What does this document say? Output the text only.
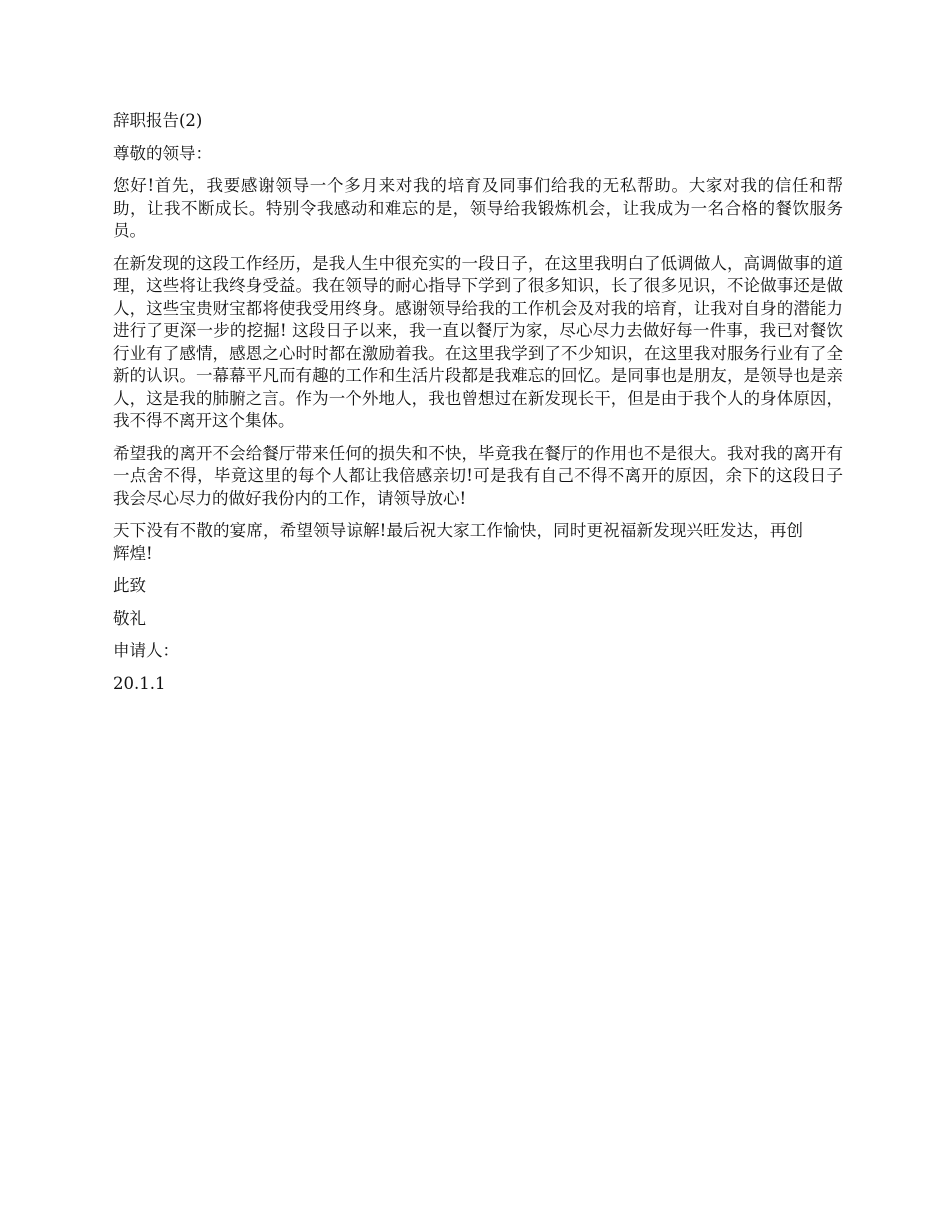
辞职报告(2)

尊敬的领导：

您好!首先，我要感谢领导一个多月来对我的培育及同事们给我的无私帮助。大家对我的信任和帮助，让我不断成长。特别令我感动和难忘的是，领导给我锻炼机会，让我成为一名合格的餐饮服务员。

在新发现的这段工作经历，是我人生中很充实的一段日子，在这里我明白了低调做人，高调做事的道理，这些将让我终身受益。我在领导的耐心指导下学到了很多知识，长了很多见识，不论做事还是做人，这些宝贵财宝都将使我受用终身。感谢领导给我的工作机会及对我的培育，让我对自身的潜能力进行了更深一步的挖掘! 这段日子以来，我一直以餐厅为家，尽心尽力去做好每一件事，我已对餐饮行业有了感情，感恩之心时时都在激励着我。在这里我学到了不少知识，在这里我对服务行业有了全新的认识。一幕幕平凡而有趣的工作和生活片段都是我难忘的回忆。是同事也是朋友，是领导也是亲人，这是我的肺腑之言。作为一个外地人，我也曾想过在新发现长干，但是由于我个人的身体原因，我不得不离开这个集体。

希望我的离开不会给餐厅带来任何的损失和不快，毕竟我在餐厅的作用也不是很大。我对我的离开有一点舍不得，毕竟这里的每个人都让我倍感亲切!可是我有自己不得不离开的原因，余下的这段日子我会尽心尽力的做好我份内的工作，请领导放心!

天下没有不散的宴席，希望领导谅解!最后祝大家工作愉快，同时更祝福新发现兴旺发达，再创辉煌!

此致

敬礼

申请人：

20.1.1
